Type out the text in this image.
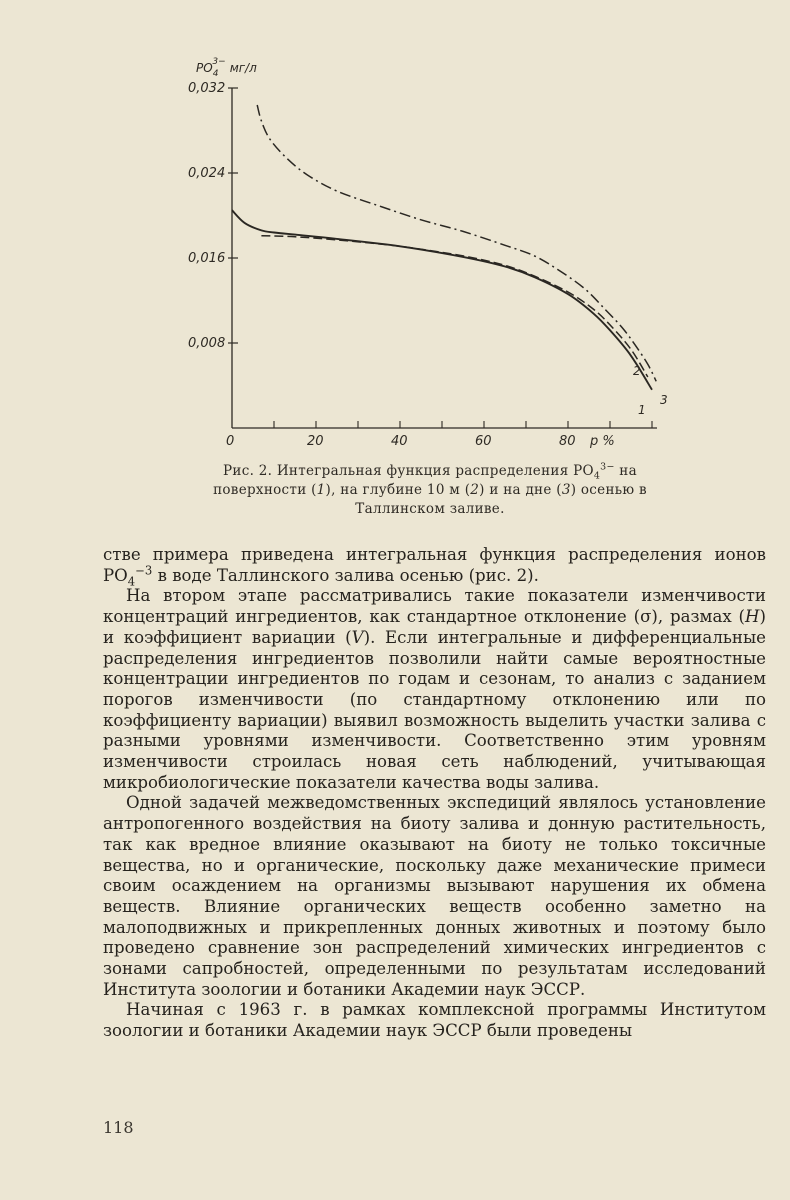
$PO_43- мг/л$
0,032
0,024
0,016
0,008
0	20	40	60	80 p %
1
2
3
Рис. 2. Интегральная функция распределения $PO_4^{3-}$ на поверхности (1), на глубине 10 м (2) и на дне (3) осенью в Таллинском заливе.

стве примера приведена интегральная функция распределения ионов $PO_4^{-3}$ в воде Таллинского залива осенью (рис. 2).

На втором этапе рассматривались такие показатели изменчивости концентраций ингредиентов, как стандартное отклонение (σ), размах (H) и коэффициент вариации (V). Если интегральные и дифференциальные распределения ингредиентов позволили найти самые вероятностные концентрации ингредиентов по годам и сезонам, то анализ с заданием порогов изменчивости (по стандартному отклонению или по коэффициенту вариации) выявил возможность выделить участки залива с разными уровнями изменчивости. Соответственно этим уровням изменчивости строилась новая сеть наблюдений, учитывающая микробиологические показатели качества воды залива.

Одной задачей межведомственных экспедиций являлось установление антропогенного воздействия на биоту залива и донную растительность, так как вредное влияние оказывают на биоту не только токсичные вещества, но и органические, поскольку даже механические примеси своим осаждением на организмы вызывают нарушения их обмена веществ. Влияние органических веществ особенно заметно на малоподвижных и прикрепленных донных животных и поэтому было проведено сравнение зон распределений химических ингредиентов с зонами сапробностей, определенными по результатам исследований Института зоологии и ботаники Академии наук ЭССР.

Начиная с 1963 г. в рамках комплексной программы Институтом зоологии и ботаники Академии наук ЭССР были проведены

118
